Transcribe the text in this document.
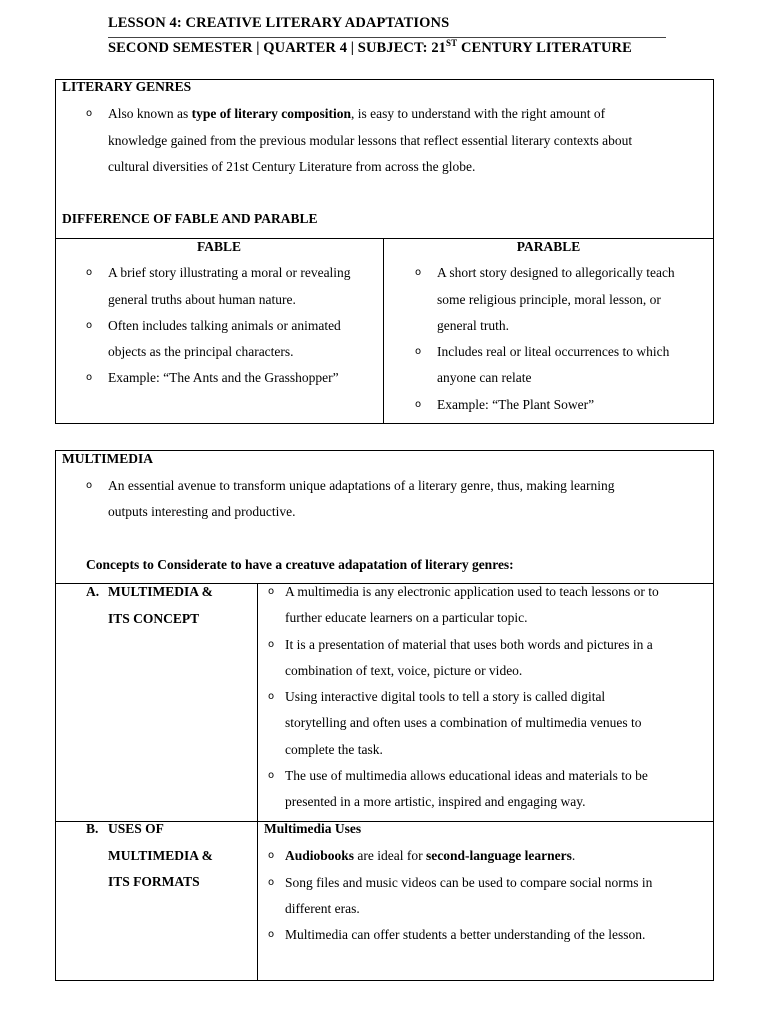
LESSON 4: CREATIVE LITERARY ADAPTATIONS
SECOND SEMESTER | QUARTER 4 | SUBJECT: 21ST CENTURY LITERATURE
LITERARY GENRES
o Also known as type of literary composition, is easy to understand with the right amount of
knowledge gained from the previous modular lessons that reflect essential literary contexts about
cultural diversities of 21st Century Literature from across the globe.
DIFFERENCE OF FABLE AND PARABLE
FABLE
o A brief story illustrating a moral or revealing
general truths about human nature.
o Often includes talking animals or animated
objects as the principal characters.
o Example: “The Ants and the Grasshopper”
PARABLE
o A short story designed to allegorically teach
some religious principle, moral lesson, or
general truth.
o Includes real or liteal occurrences to which
anyone can relate
o Example: “The Plant Sower”
MULTIMEDIA
o An essential avenue to transform unique adaptations of a literary genre, thus, making learning
outputs interesting and productive.
Concepts to Considerate to have a creatuve adapatation of literary genres:
A. MULTIMEDIA &
ITS CONCEPT
o A multimedia is any electronic application used to teach lessons or to
further educate learners on a particular topic.
o It is a presentation of material that uses both words and pictures in a
combination of text, voice, picture or video.
o Using interactive digital tools to tell a story is called digital
storytelling and often uses a combination of multimedia venues to
complete the task.
o The use of multimedia allows educational ideas and materials to be
presented in a more artistic, inspired and engaging way.
B. USES OF
MULTIMEDIA &
ITS FORMATS
Multimedia Uses
o Audiobooks are ideal for second-language learners.
o Song files and music videos can be used to compare social norms in
different eras.
o Multimedia can offer students a better understanding of the lesson.
